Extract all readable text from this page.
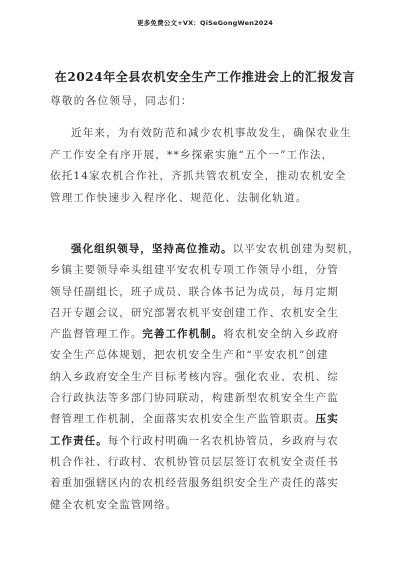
更多免费公文+VX：QiSeGongWen2024
在2024年全县农机安全生产工作推进会上的汇报发言
尊敬的各位领导，同志们：
近年来，为有效防范和减少农机事故发生，确保农业生
产工作安全有序开展，**乡探索实施“五个一”工作法，
依托14家农机合作社，齐抓共管农机安全，推动农机安全
管理工作快速步入程序化、规范化、法制化轨道。
强化组织领导，坚持高位推动。以平安农机创建为契机，
乡镇主要领导牵头组建平安农机专项工作领导小组，分管
领导任副组长，班子成员、联合体书记为成员，每月定期
召开专题会议，研究部署农机平安创建工作、农机安全生
产监督管理工作。完善工作机制。将农机安全纳入乡政府
安全生产总体规划，把农机安全生产和“平安农机”创建
纳入乡政府安全生产目标考核内容。强化农业、农机、综
合行政执法等多部门协同联动，构建新型农机安全生产监
督管理工作机制，全面落实农机安全生产监管职责。压实
工作责任。每个行政村明确一名农机协管员，乡政府与农
机合作社、行政村、农机协管员层层签订农机安全责任书
着重加强辖区内的农机经营服务组织安全生产责任的落实
健全农机安全监管网络。
